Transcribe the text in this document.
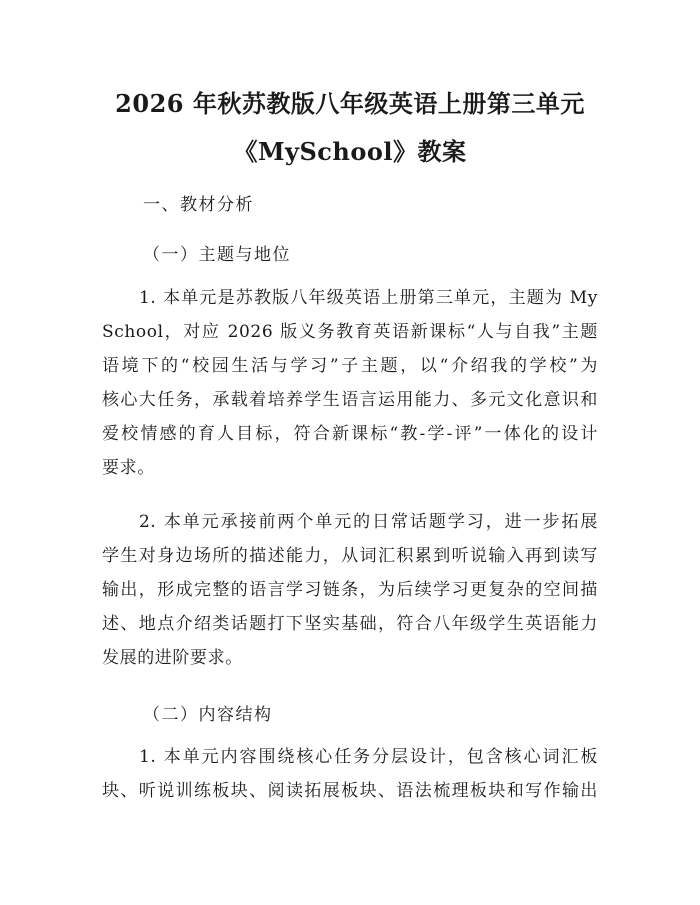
2026 年秋苏教版八年级英语上册第三单元
《MySchool》教案
一、教材分析
（一）主题与地位
1. 本单元是苏教版八年级英语上册第三单元，主题为 My
School，对应 2026 版义务教育英语新课标“人与自我”主题
语境下的“校园生活与学习”子主题，以“介绍我的学校”为
核心大任务，承载着培养学生语言运用能力、多元文化意识和
爱校情感的育人目标，符合新课标“教-学-评”一体化的设计
要求。
2. 本单元承接前两个单元的日常话题学习，进一步拓展
学生对身边场所的描述能力，从词汇积累到听说输入再到读写
输出，形成完整的语言学习链条，为后续学习更复杂的空间描
述、地点介绍类话题打下坚实基础，符合八年级学生英语能力
发展的进阶要求。
（二）内容结构
1. 本单元内容围绕核心任务分层设计，包含核心词汇板
块、听说训练板块、阅读拓展板块、语法梳理板块和写作输出
